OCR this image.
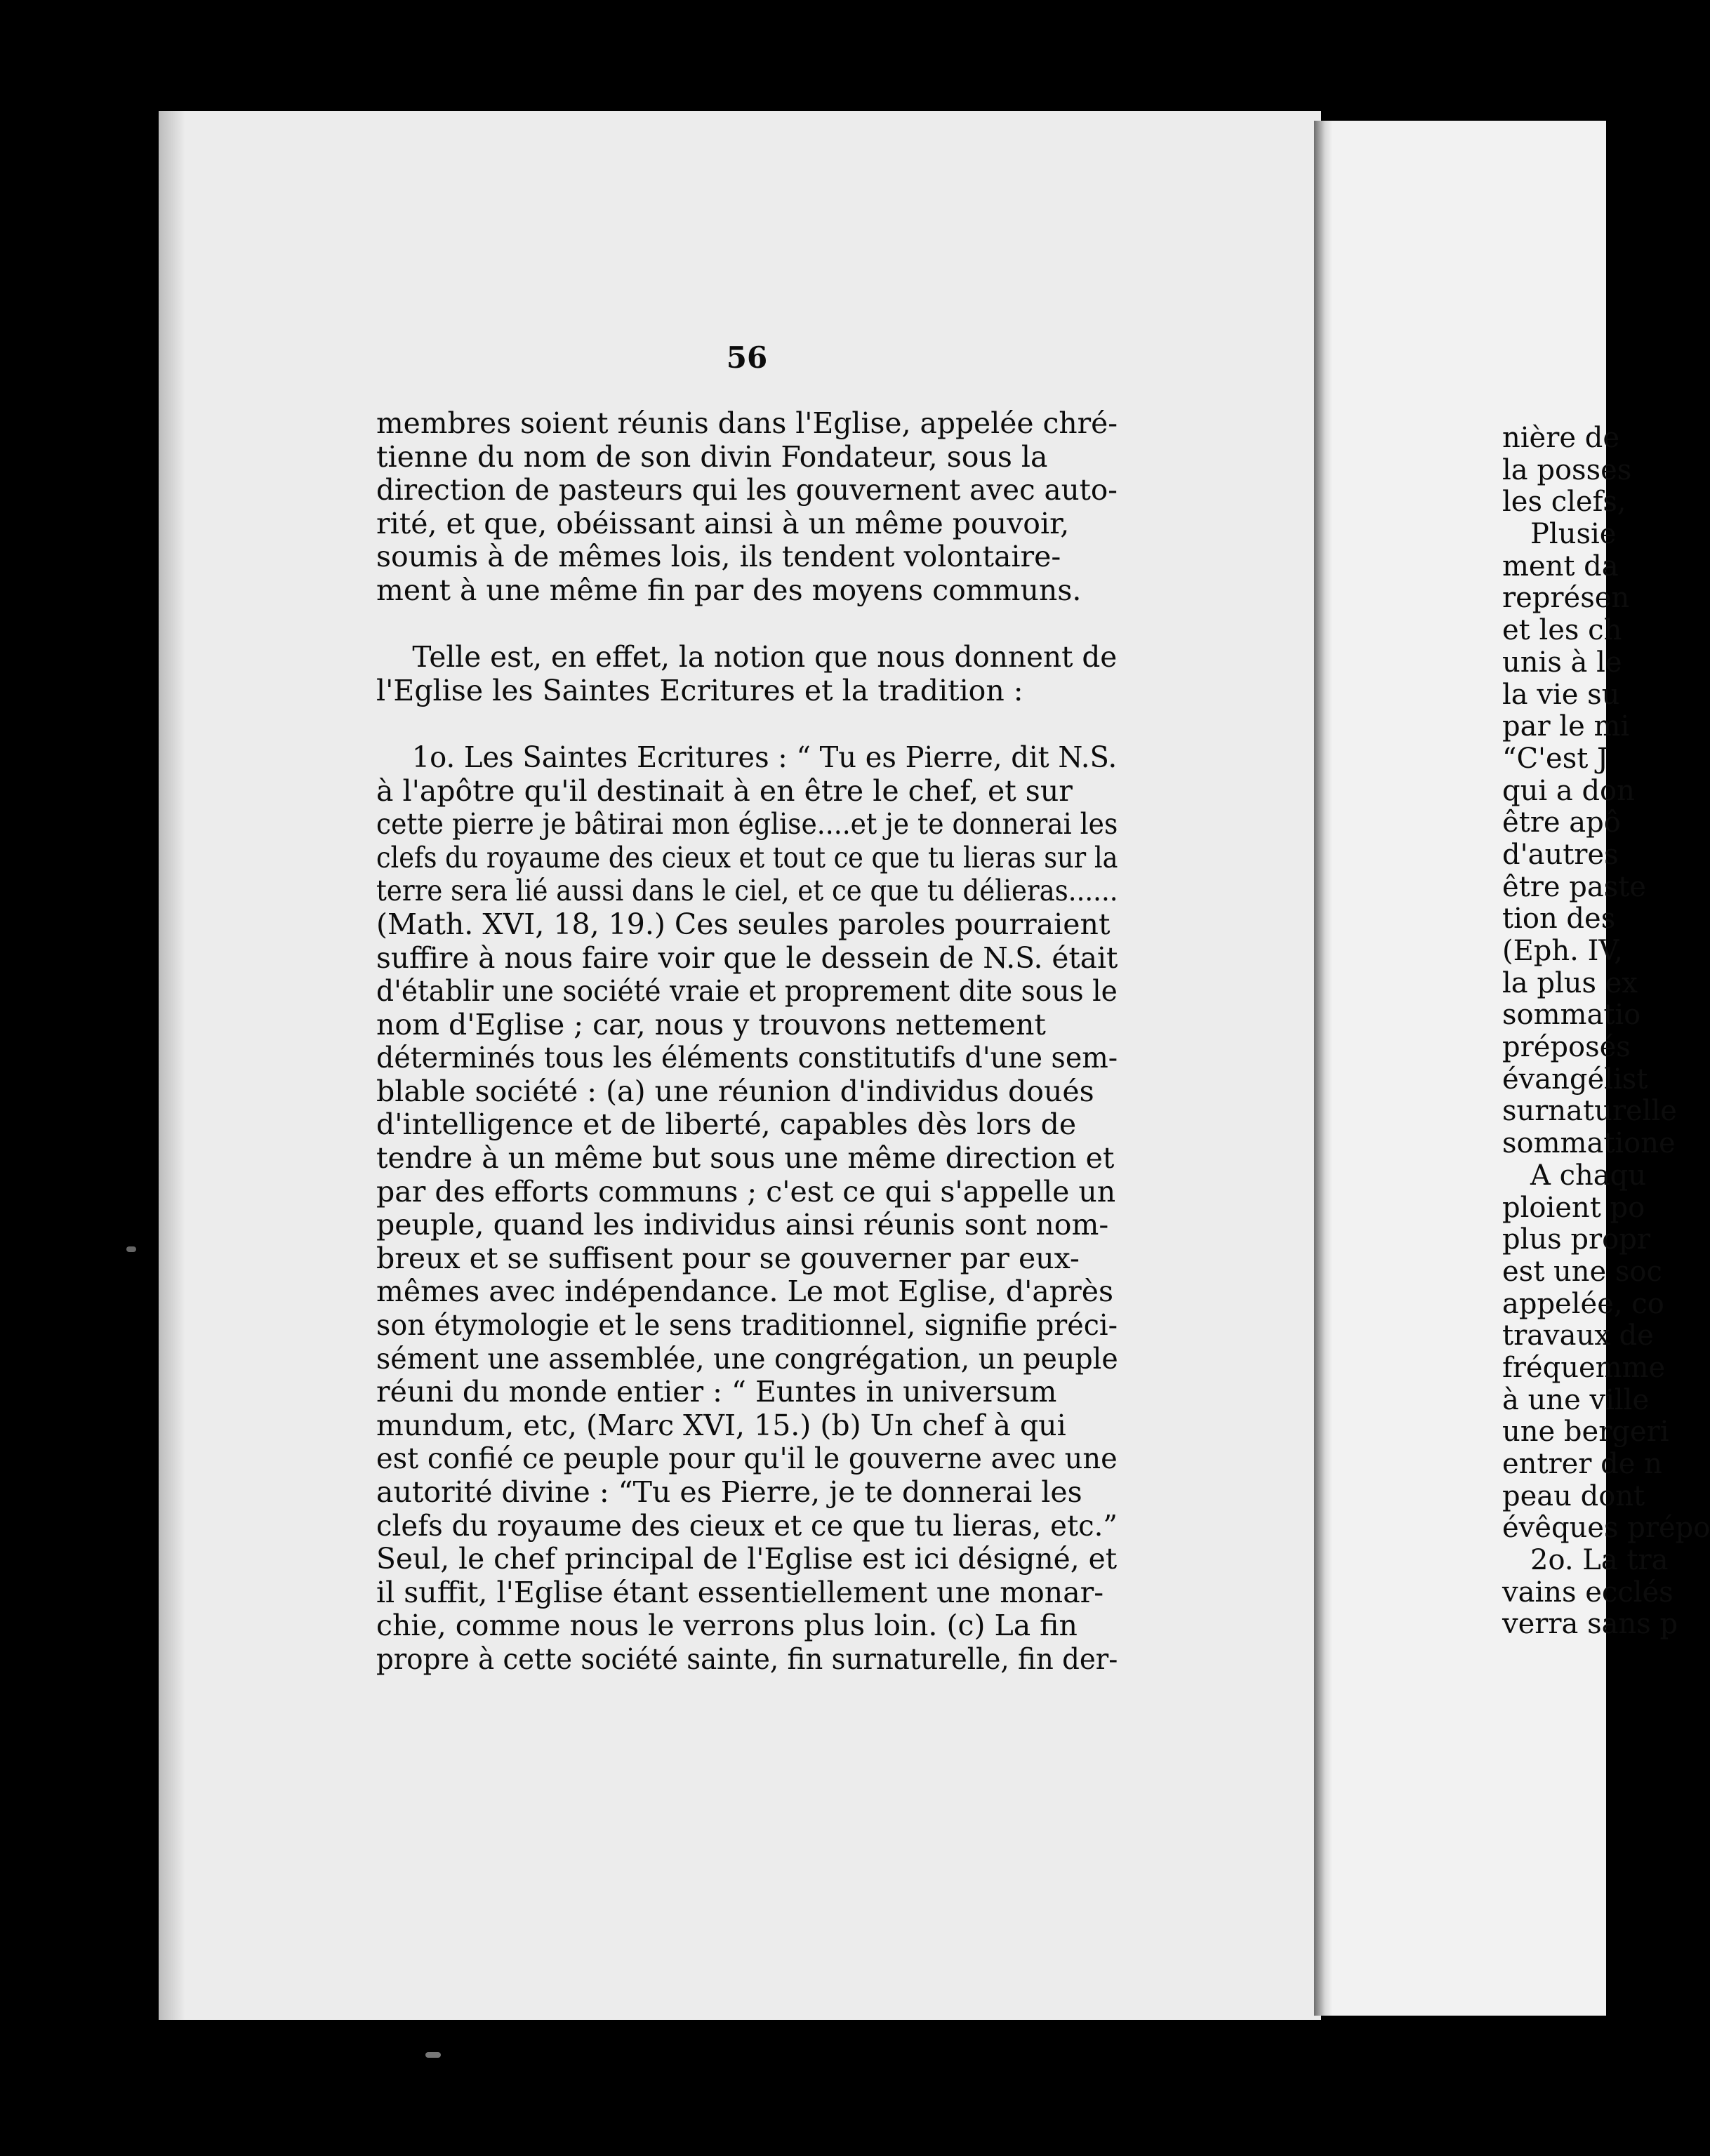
56
membres soient réunis dans l'Eglise, appelée chré-
tienne du nom de son divin Fondateur, sous la
direction de pasteurs qui les gouvernent avec auto-
rité, et que, obéissant ainsi à un même pouvoir,
soumis à de mêmes lois, ils tendent volontaire-
ment à une même fin par des moyens communs.
Telle est, en effet, la notion que nous donnent de
l'Eglise les Saintes Ecritures et la tradition :
1o. Les Saintes Ecritures : “ Tu es Pierre, dit N.S.
à l'apôtre qu'il destinait à en être le chef, et sur
cette pierre je bâtirai mon église....et je te donnerai les
clefs du royaume des cieux et tout ce que tu lieras sur la
terre sera lié aussi dans le ciel, et ce que tu délieras......
(Math. XVI, 18, 19.) Ces seules paroles pourraient
suffire à nous faire voir que le dessein de N.S. était
d'établir une société vraie et proprement dite sous le
nom d'Eglise ; car, nous y trouvons nettement
déterminés tous les éléments constitutifs d'une sem-
blable société : (a) une réunion d'individus doués
d'intelligence et de liberté, capables dès lors de
tendre à un même but sous une même direction et
par des efforts communs ; c'est ce qui s'appelle un
peuple, quand les individus ainsi réunis sont nom-
breux et se suffisent pour se gouverner par eux-
mêmes avec indépendance. Le mot Eglise, d'après
son étymologie et le sens traditionnel, signifie préci-
sément une assemblée, une congrégation, un peuple
réuni du monde entier : “ Euntes in universum
mundum, etc, (Marc XVI, 15.) (b) Un chef à qui
est confié ce peuple pour qu'il le gouverne avec une
autorité divine : “Tu es Pierre, je te donnerai les
clefs du royaume des cieux et ce que tu lieras, etc.”
Seul, le chef principal de l'Eglise est ici désigné, et
il suffit, l'Eglise étant essentiellement une monar-
chie, comme nous le verrons plus loin. (c) La fin
propre à cette société sainte, fin surnaturelle, fin der-
nière de
la posses
les clefs,
Plusie
ment da
représen
et les ch
unis à le
la vie su
par le mi
“C'est J
qui a don
être apô
d'autres
être paste
tion des
(Eph. IV,
la plus ex
sommatio
préposés
évangélist
surnaturelle
sommatione
A chaqu
ploient po
plus propr
est une soc
appelée, co
travaux de
fréquemme
à une ville
une bergeri
entrer de n
peau dont
évêques prépo
2o. La tra
vains ecclés
verra sans p
